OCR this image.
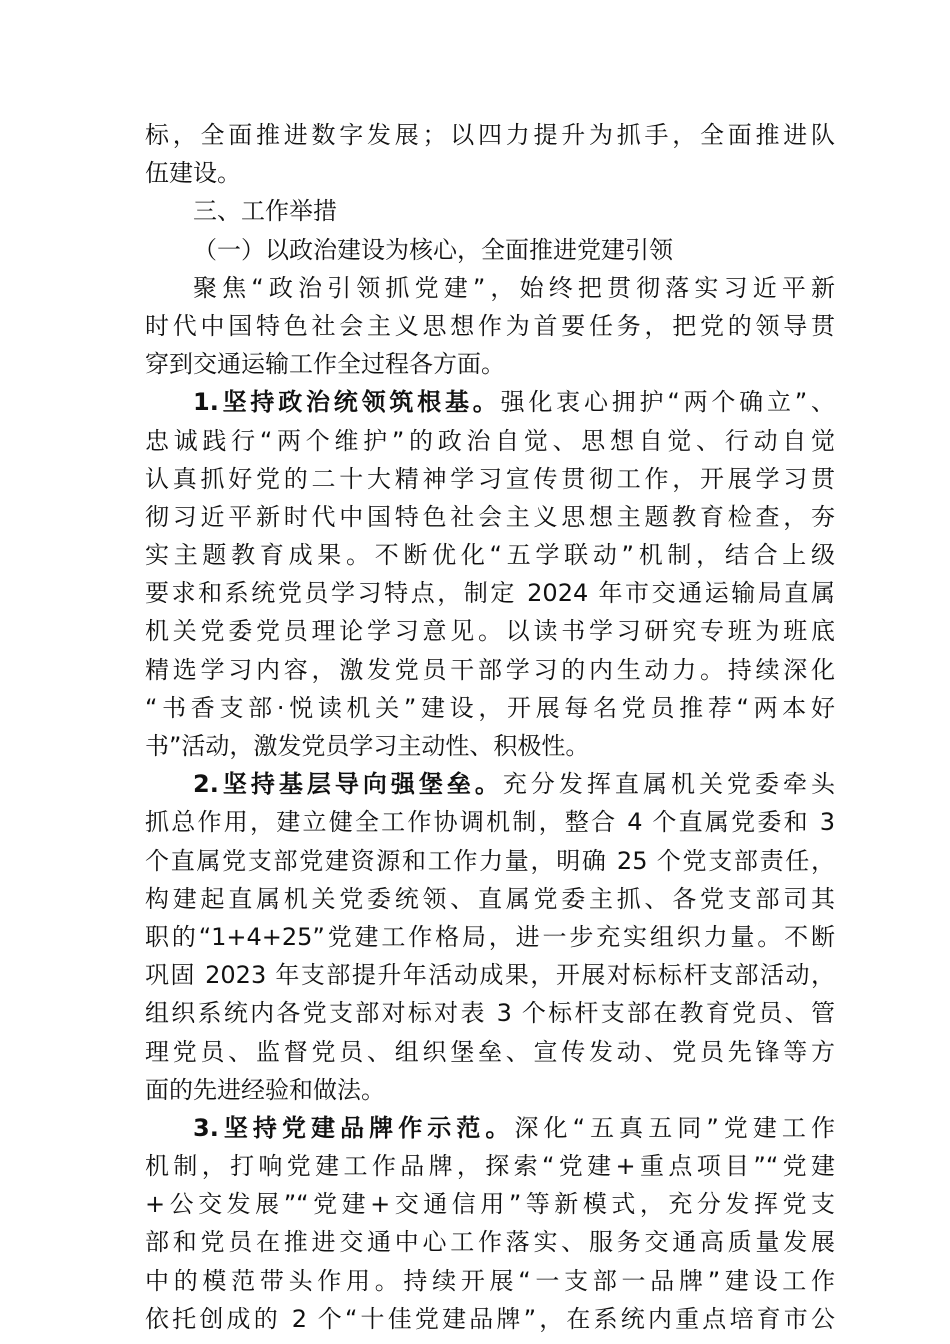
标，全面推进数字发展；以四力提升为抓手，全面推进队
伍建设。
三、工作举措
（一）以政治建设为核心，全面推进党建引领
聚焦“政治引领抓党建”，始终把贯彻落实习近平新
时代中国特色社会主义思想作为首要任务，把党的领导贯
穿到交通运输工作全过程各方面。
1.坚持政治统领筑根基。强化衷心拥护“两个确立”、
忠诚践行“两个维护”的政治自觉、思想自觉、行动自觉
认真抓好党的二十大精神学习宣传贯彻工作，开展学习贯
彻习近平新时代中国特色社会主义思想主题教育检查，夯
实主题教育成果。不断优化“五学联动”机制，结合上级
要求和系统党员学习特点，制定 2024 年市交通运输局直属
机关党委党员理论学习意见。以读书学习研究专班为班底
精选学习内容，激发党员干部学习的内生动力。持续深化
“书香支部·悦读机关”建设，开展每名党员推荐“两本好
书”活动，激发党员学习主动性、积极性。
2.坚持基层导向强堡垒。充分发挥直属机关党委牵头
抓总作用，建立健全工作协调机制，整合 4 个直属党委和 3
个直属党支部党建资源和工作力量，明确 25 个党支部责任，
构建起直属机关党委统领、直属党委主抓、各党支部司其
职的“1+4+25”党建工作格局，进一步充实组织力量。不断
巩固 2023 年支部提升年活动成果，开展对标标杆支部活动，
组织系统内各党支部对标对表 3 个标杆支部在教育党员、管
理党员、监督党员、组织堡垒、宣传发动、党员先锋等方
面的先进经验和做法。
3.坚持党建品牌作示范。深化“五真五同”党建工作
机制，打响党建工作品牌，探索“党建+重点项目”“党建
+公交发展”“党建+交通信用”等新模式，充分发挥党支
部和党员在推进交通中心工作落实、服务交通高质量发展
中的模范带头作用。持续开展“一支部一品牌”建设工作
依托创成的 2 个“十佳党建品牌”，在系统内重点培育市公
